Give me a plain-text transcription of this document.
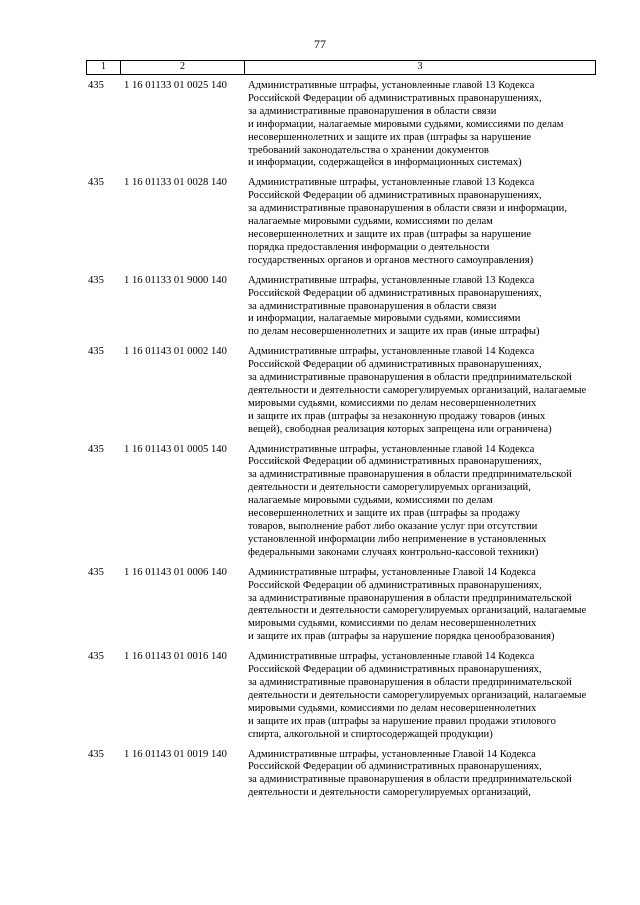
77
1	2	3
435	1 16 01133 01 0025 140	Административные штрафы, установленные главой 13 Кодекса
Российской Федерации об административных правонарушениях,
за административные правонарушения в области связи
и информации, налагаемые мировыми судьями, комиссиями по делам
несовершеннолетних и защите их прав (штрафы за нарушение
требований законодательства о хранении документов
и информации, содержащейся в информационных системах)
435	1 16 01133 01 0028 140	Административные штрафы, установленные главой 13 Кодекса
Российской Федерации об административных правонарушениях,
за административные правонарушения в области связи и информации,
налагаемые мировыми судьями, комиссиями по делам
несовершеннолетних и защите их прав (штрафы за нарушение
порядка предоставления информации о деятельности
государственных органов и органов местного самоуправления)
435	1 16 01133 01 9000 140	Административные штрафы, установленные главой 13 Кодекса
Российской Федерации об административных правонарушениях,
за административные правонарушения в области связи
и информации, налагаемые мировыми судьями, комиссиями
по делам несовершеннолетних и защите их прав (иные штрафы)
435	1 16 01143 01 0002 140	Административные штрафы, установленные главой 14 Кодекса
Российской Федерации об административных правонарушениях,
за административные правонарушения в области предпринимательской
деятельности и деятельности саморегулируемых организаций, налагаемые
мировыми судьями, комиссиями по делам несовершеннолетних
и защите их прав (штрафы за незаконную продажу товаров (иных
вещей), свободная реализация которых запрещена или ограничена)
435	1 16 01143 01 0005 140	Административные штрафы, установленные главой 14 Кодекса
Российской Федерации об административных правонарушениях,
за административные правонарушения в области предпринимательской
деятельности и деятельности саморегулируемых организаций,
налагаемые мировыми судьями, комиссиями по делам
несовершеннолетних и защите их прав (штрафы за продажу
товаров, выполнение работ либо оказание услуг при отсутствии
установленной информации либо неприменение в установленных
федеральными законами случаях контрольно-кассовой техники)
435	1 16 01143 01 0006 140	Административные штрафы, установленные Главой 14 Кодекса
Российской Федерации об административных правонарушениях,
за административные правонарушения в области предпринимательской
деятельности и деятельности саморегулируемых организаций, налагаемые
мировыми судьями, комиссиями по делам несовершеннолетних
и защите их прав (штрафы за нарушение порядка ценообразования)
435	1 16 01143 01 0016 140	Административные штрафы, установленные главой 14 Кодекса
Российской Федерации об административных правонарушениях,
за административные правонарушения в области предпринимательской
деятельности и деятельности саморегулируемых организаций, налагаемые
мировыми судьями, комиссиями по делам несовершеннолетних
и защите их прав (штрафы за нарушение правил продажи этилового
спирта, алкогольной и спиртосодержащей продукции)
435	1 16 01143 01 0019 140	Административные штрафы, установленные Главой 14 Кодекса
Российской Федерации об административных правонарушениях,
за административные правонарушения в области предпринимательской
деятельности и деятельности саморегулируемых организаций,
